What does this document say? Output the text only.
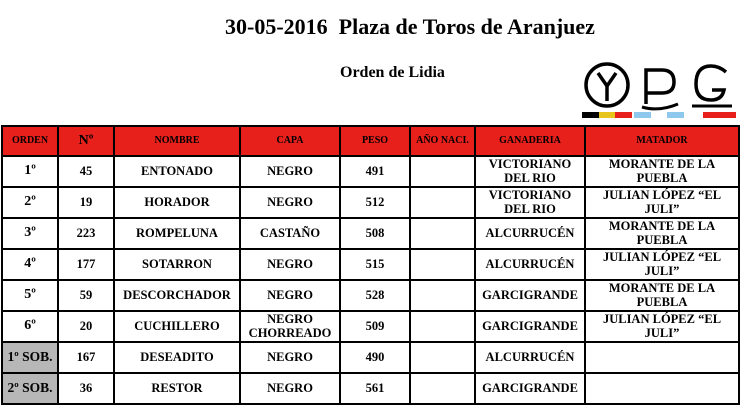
30-05-2016  Plaza de Toros de Aranjuez
Orden de Lidia
ORDEN	Nº	NOMBRE	CAPA	PESO	AÑO NACI.	GANADERIA	MATADOR
1º	45	ENTONADO	NEGRO	491		VICTORIANO DEL RIO	MORANTE DE LA PUEBLA
2º	19	HORADOR	NEGRO	512		VICTORIANO DEL RIO	JULIAN LÓPEZ “EL JULI”
3º	223	ROMPELUNA	CASTAÑO	508		ALCURRUCÉN	MORANTE DE LA PUEBLA
4º	177	SOTARRON	NEGRO	515		ALCURRUCÉN	JULIAN LÓPEZ “EL JULI”
5º	59	DESCORCHADOR	NEGRO	528		GARCIGRANDE	MORANTE DE LA PUEBLA
6º	20	CUCHILLERO	NEGRO CHORREADO	509		GARCIGRANDE	JULIAN LÓPEZ “EL JULI”
1º SOB.	167	DESEADITO	NEGRO	490		ALCURRUCÉN	
2º SOB.	36	RESTOR	NEGRO	561		GARCIGRANDE	
